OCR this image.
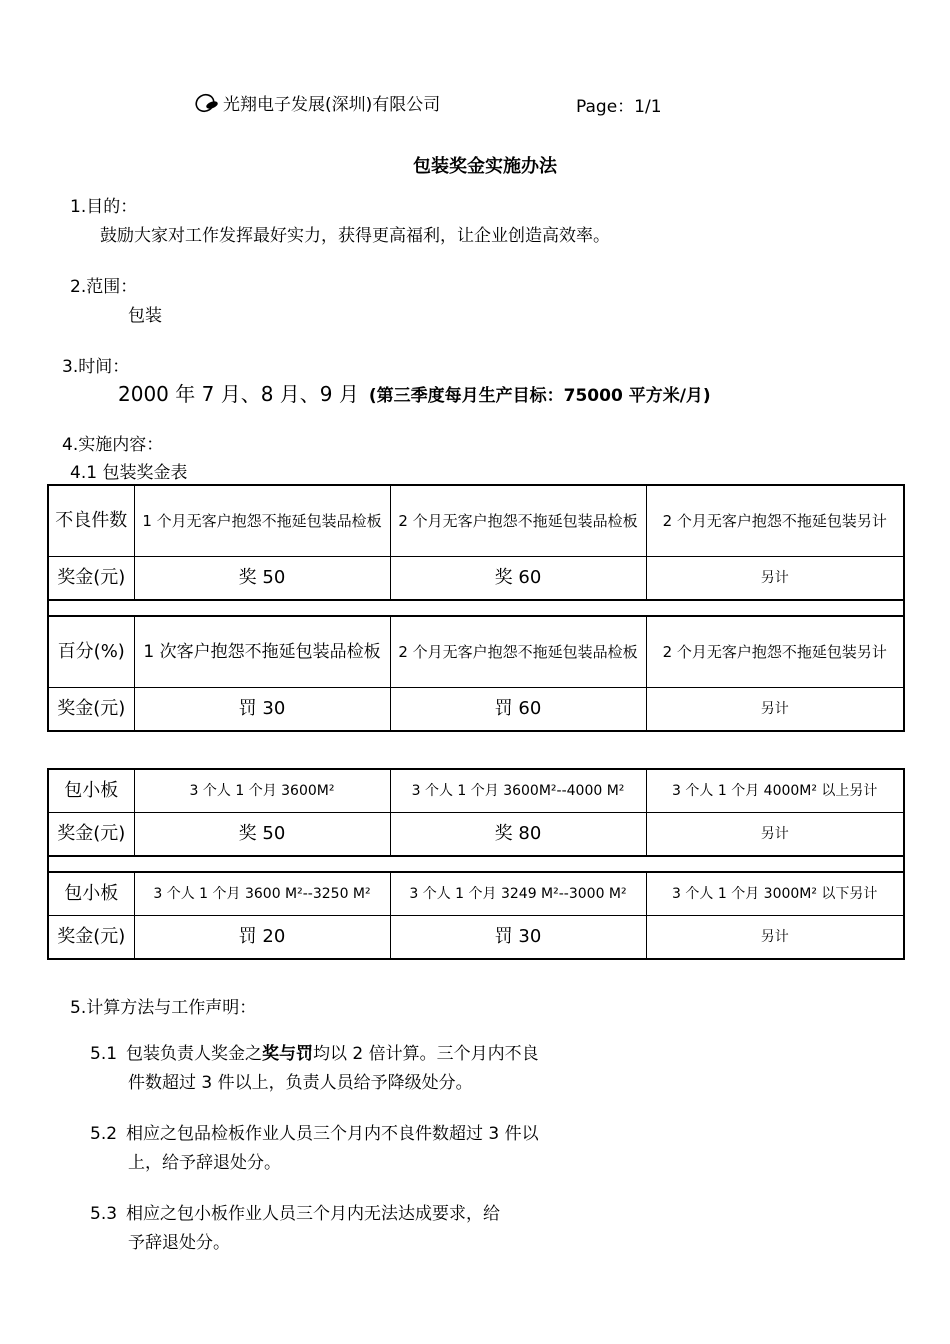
光翔电子发展(深圳)有限公司	Page：1/1
包装奖金实施办法
1.目的：
鼓励大家对工作发挥最好实力，获得更高福利，让企业创造高效率。
2.范围：
包装
3.时间：
2000 年 7 月、8 月、9 月 (第三季度每月生产目标：75000 平方米/月)
4.实施内容：
4.1 包装奖金表
不良件数	1 个月无客户抱怨不拖延包装品检板	2 个月无客户抱怨不拖延包装品检板	2 个月无客户抱怨不拖延包装另计
奖金(元)	奖 50	奖 60	另计

百分(%)	1 次客户抱怨不拖延包装品检板	2 个月无客户抱怨不拖延包装品检板	2 个月无客户抱怨不拖延包装另计
奖金(元)	罚 30	罚 60	另计
包小板	3 个人 1 个月 3600M²	3 个人 1 个月 3600M²--4000 M²	3 个人 1 个月 4000M² 以上另计
奖金(元)	奖 50	奖 80	另计

包小板	3 个人 1 个月 3600 M²--3250 M²	3 个人 1 个月 3249 M²--3000 M²	3 个人 1 个月 3000M² 以下另计
奖金(元)	罚 20	罚 30	另计
5.计算方法与工作声明：
5.1 包装负责人奖金之奖与罚均以 2 倍计算。三个月内不良
件数超过 3 件以上，负责人员给予降级处分。
5.2 相应之包品检板作业人员三个月内不良件数超过 3 件以
上，给予辞退处分。
5.3 相应之包小板作业人员三个月内无法达成要求，给
予辞退处分。
